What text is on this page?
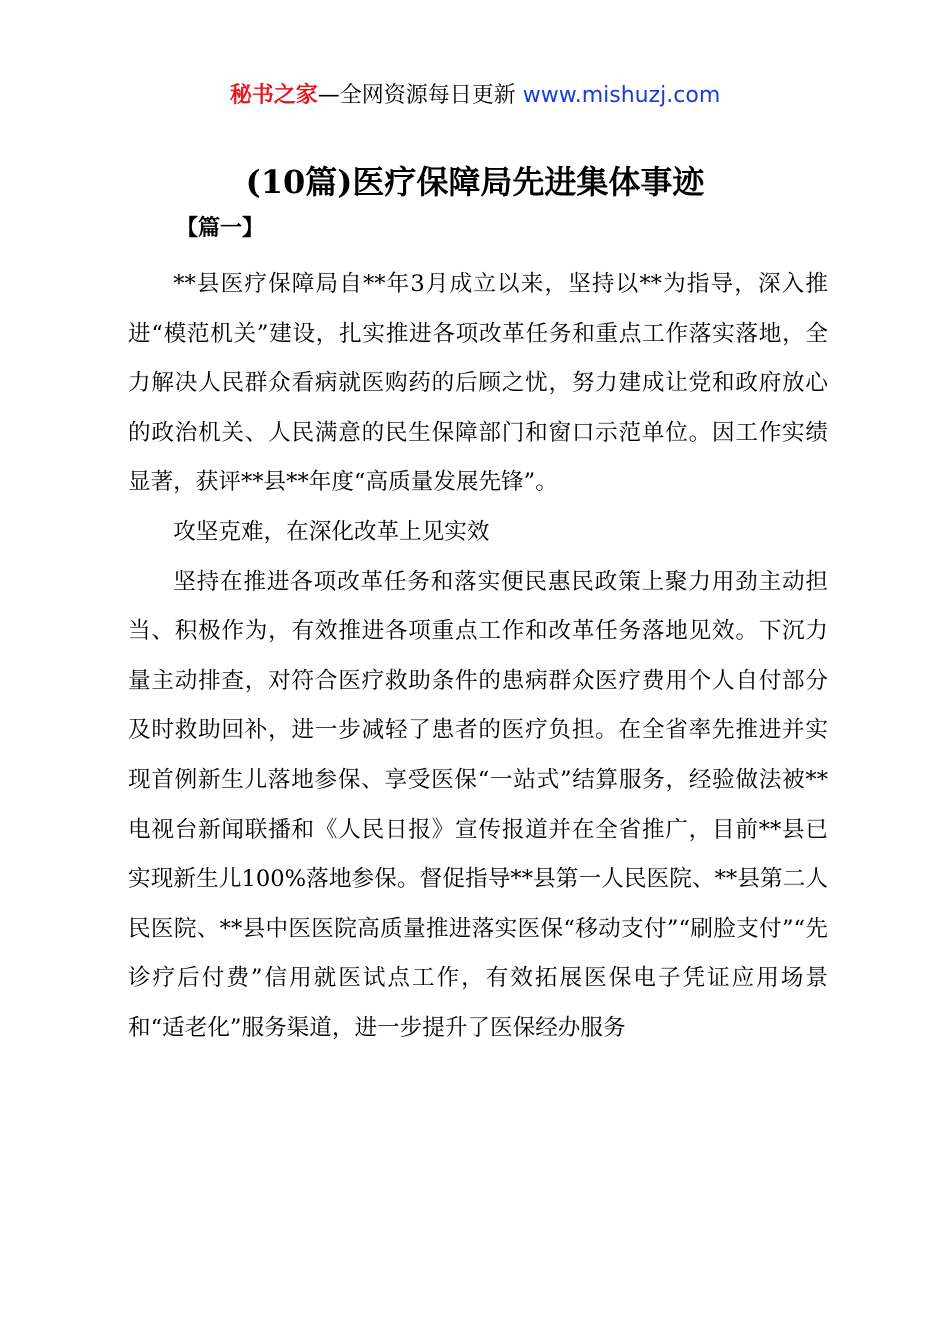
秘书之家—全网资源每日更新 www.mishuzj.com
(10篇)医疗保障局先进集体事迹
【篇一】

**县医疗保障局自**年3月成立以来，坚持以**为指导，深入推进“模范机关”建设，扎实推进各项改革任务和重点工作落实落地，全力解决人民群众看病就医购药的后顾之忧，努力建成让党和政府放心的政治机关、人民满意的民生保障部门和窗口示范单位。因工作实绩显著，获评**县**年度“高质量发展先锋”。

攻坚克难，在深化改革上见实效

坚持在推进各项改革任务和落实便民惠民政策上聚力用劲主动担当、积极作为，有效推进各项重点工作和改革任务落地见效。下沉力量主动排查，对符合医疗救助条件的患病群众医疗费用个人自付部分及时救助回补，进一步减轻了患者的医疗负担。在全省率先推进并实现首例新生儿落地参保、享受医保“一站式”结算服务，经验做法被**电视台新闻联播和《人民日报》宣传报道并在全省推广，目前**县已实现新生儿100%落地参保。督促指导**县第一人民医院、**县第二人民医院、**县中医医院高质量推进落实医保“移动支付”“刷脸支付”“先诊疗后付费”信用就医试点工作，有效拓展医保电子凭证应用场景和“适老化”服务渠道，进一步提升了医保经办服务
